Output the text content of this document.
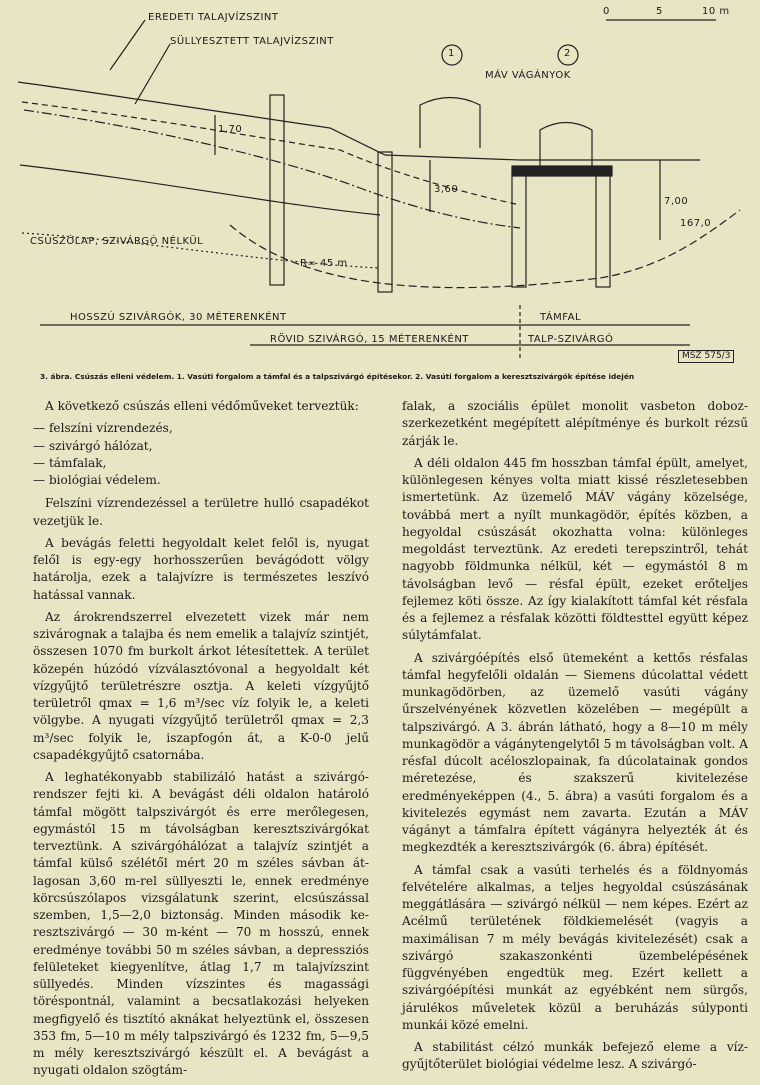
EREDETI TALAJVÍZSZINT
SÜLLYESZTETT TALAJVÍZSZINT
MÁV VÁGÁNYOK
1	2
0	5	10 m
1,70
3,60
7,00
167,0
R= 45 m
CSÚSZÓLAP, SZIVÁRGÓ NÉLKÜL
HOSSZÚ SZIVÁRGÓK, 30 MÉTERENKÉNT
RÖVID SZIVÁRGÓ, 15 MÉTERENKÉNT
TÁMFAL
TALP-SZIVÁRGÓ
MSZ 575/3
3. ábra. Csúszás elleni védelem. 1. Vasúti forgalom a támfal és a talpszivárgó építésekor. 2. Vasúti forgalom a keresztszivárgók építése idején

A következő csúszás elleni védőműveket terveztük:

— felszíni vízrendezés,
— szivárgó hálózat,
— támfalak,
— biológiai védelem.

Felszíni vízrendezéssel a területre hulló csapadékot vezetjük le.

A bevágás feletti hegyoldalt kelet felől is, nyugat felől is egy-egy horhosszerűen bevágódott völgy határolja, ezek a talajvízre is természetes leszívó hatással vannak.

Az árokrendszerrel elvezetett vizek már nem szivárognak a talajba és nem emelik a talajvíz szintjét, összesen 1070 fm burkolt árkot létesítettek. A terület közepén húzódó vízválasztóvonal a hegyoldalt két vízgyűjtő területrészre osztja. A keleti vízgyűjtő területről qmax = 1,6 m³/sec víz folyik le, a keleti völgybe. A nyugati vízgyűjtő területről qmax = 2,3 m³/sec folyik le, iszapfogón át, a K-0-0 jelű csapadékgyűjtő csatornába.

A leghatékonyabb stabilizáló hatást a szivárgórendszer fejti ki. A bevágást déli oldalon határoló támfal mögött talpszivárgót és erre merőlegesen, egymástól 15 m távolságban keresztszivárgókat terveztünk. A szivárgóhálózat a talajvíz szintjét a támfal külső szélétől mért 20 m széles sávban átlagosan 3,60 m-rel süllyeszti le, ennek eredménye körcsúszólapos vizsgálatunk szerint, elcsúszással szemben, 1,5—2,0 biztonság. Minden második keresztszivárgó — 30 m-ként — 70 m hosszú, ennek eredménye további 50 m széles sávban, a depressziós felületeket kiegyenlítve, átlag 1,7 m talajvízszint süllyedés. Minden vízszintes és magassági töréspontnál, valamint a becsatlakozási helyeken megfigyelő és tisztító aknákat helyeztünk el, összesen 353 fm, 5—10 m mély talpszivárgó és 1232 fm, 5—9,5 m mély keresztszivárgó készült el. A bevágást a nyugati oldalon szögtám-

falak, a szociális épület monolit vasbeton dobozszerkezetként megépített alépítménye és burkolt rézsű zárják le.

A déli oldalon 445 fm hosszban támfal épült, amelyet, különlegesen kényes volta miatt kissé részletesebben ismertetünk. Az üzemelő MÁV vágány közelsége, továbbá mert a nyílt munkagödör, építés közben, a hegyoldal csúszását okozhatta volna: különleges megoldást terveztünk. Az eredeti terepszintről, tehát nagyobb földmunka nélkül, két — egymástól 8 m távolságban levő — résfal épült, ezeket erőteljes fejlemez köti össze. Az így kialakított támfal két résfala és a fejlemez a résfalak közötti földtesttel együtt képez súlytámfalat.

A szivárgóépítés első ütemeként a kettős résfalas támfal hegyfelőli oldalán — Siemens dúcolattal védett munkagödörben, az üzemelő vasúti vágány űrszelvényének közvetlen közelében — megépült a talpszivárgó. A 3. ábrán látható, hogy a 8—10 m mély munkagödör a vágánytengelytől 5 m távolságban volt. A résfal dúcolt acéloszlopainak, fa dúcolatainak gondos méretezése, és szakszerű kivitelezése eredményeképpen (4., 5. ábra) a vasúti forgalom és a kivitelezés egymást nem zavarta. Ezután a MÁV vágányt a támfalra épített vágányra helyezték át és megkezdték a keresztszivárgók (6. ábra) építését.

A támfal csak a vasúti terhelés és a földnyomás felvételére alkalmas, a teljes hegyoldal csúszásának meggátlására — szivárgó nélkül — nem képes. Ezért az Acélmű területének földkiemelését (vagyis a maximálisan 7 m mély bevágás kivitelezését) csak a szivárgó szakaszonkénti üzembelépésének függvényében engedtük meg. Ezért kellett a szivárgóépítési munkát az egyébként nem sürgős, járulékos műveletek közül a beruházás súlyponti munkái közé emelni.

A stabilitást célzó munkák befejező eleme a vízgyűjtőterület biológiai védelme lesz. A szivárgó-
